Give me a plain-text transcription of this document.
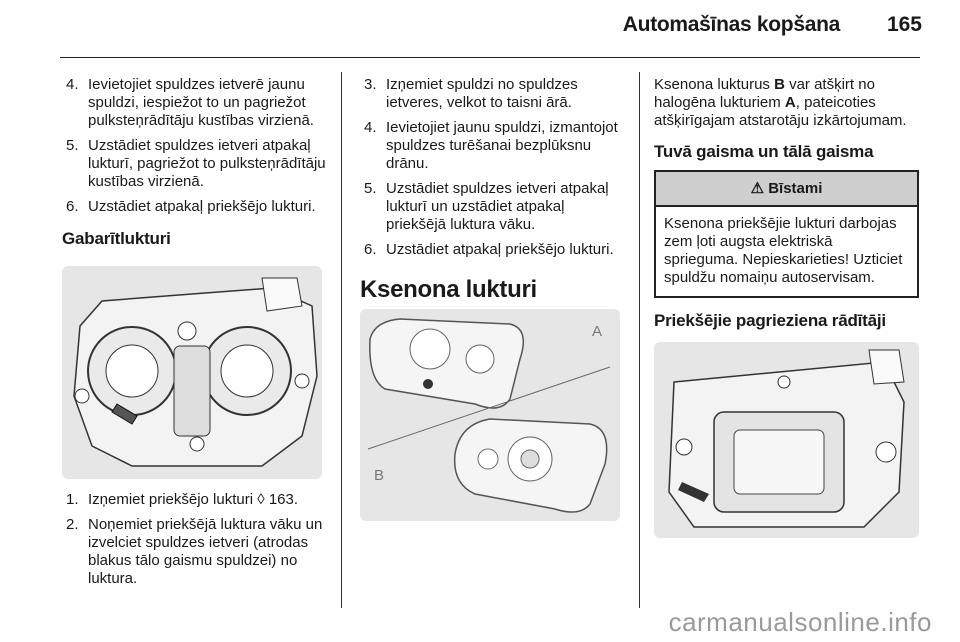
Automašīnas kopšana 165
4. Ievietojiet spuldzes ietverē jaunu spuldzi, iespiežot to un pagriežot pulksteņrādītāju kustības virzienā.
5. Uzstādiet spuldzes ietveri atpakaļ lukturī, pagriežot to pulksteņrādītāju kustības virzienā.
6. Uzstādiet atpakaļ priekšējo lukturi.
Gabarītlukturi
1. Izņemiet priekšējo lukturi ◊ 163.
2. Noņemiet priekšējā luktura vāku un izvelciet spuldzes ietveri (atrodas blakus tālo gaismu spuldzei) no luktura.
3. Izņemiet spuldzi no spuldzes ietveres, velkot to taisni ārā.
4. Ievietojiet jaunu spuldzi, izmantojot spuldzes turēšanai bezplūksnu drānu.
5. Uzstādiet spuldzes ietveri atpakaļ lukturī un uzstādiet atpakaļ priekšējā luktura vāku.
6. Uzstādiet atpakaļ priekšējo lukturi.
Ksenona lukturi
A
B

Ksenona lukturus B var atšķirt no halogēna lukturiem A, pateicoties atšķirīgajam atstarotāju izkārtojumam.

Tuvā gaisma un tālā gaisma
⚠ Bīstami
Ksenona priekšējie lukturi darbojas zem ļoti augsta elektriskā sprieguma. Nepieskarieties! Uzticiet spuldžu nomaiņu autoservisam.
Priekšējie pagrieziena rādītāji
carmanualsonline.info
